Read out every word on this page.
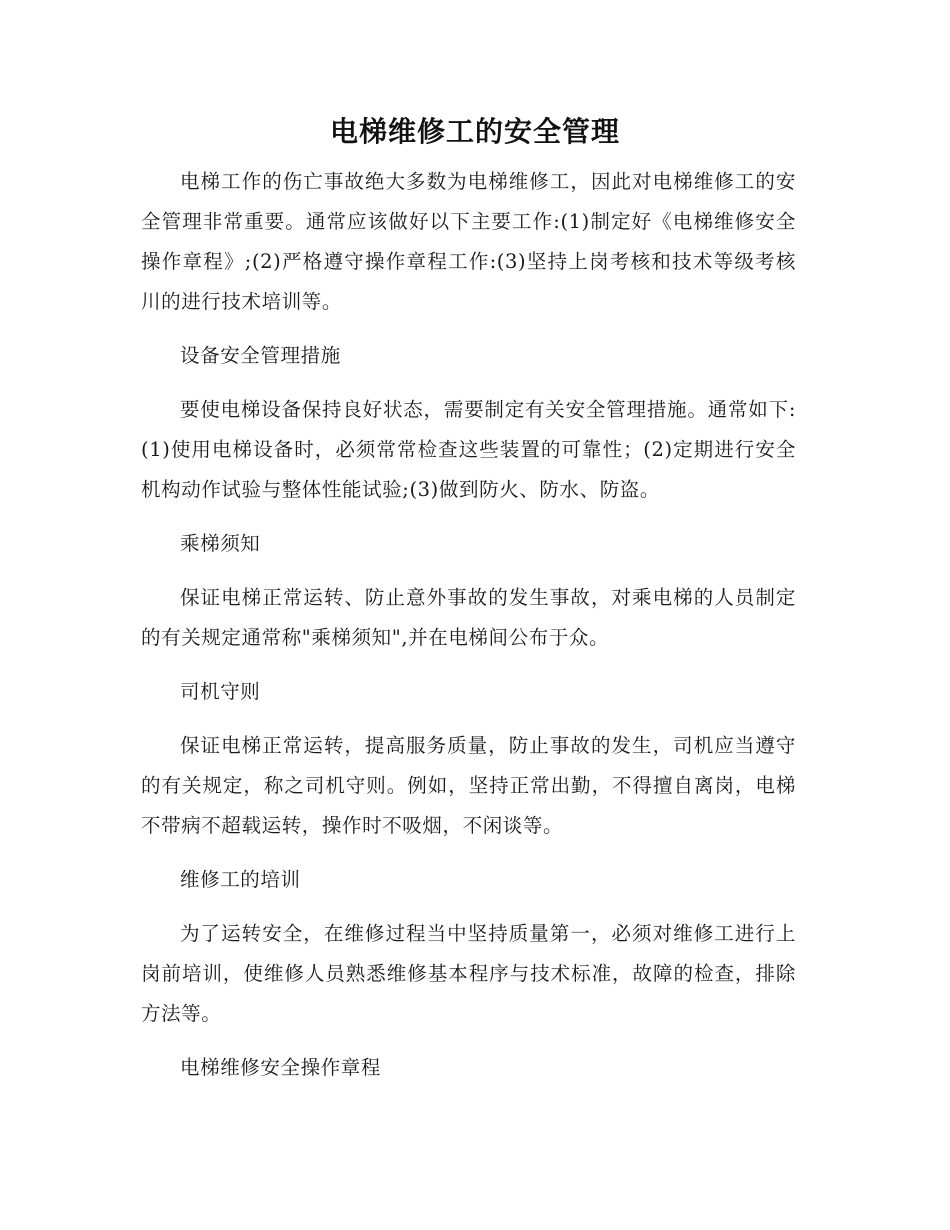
电梯维修工的安全管理

电梯工作的伤亡事故绝大多数为电梯维修工，因此对电梯维修工的安全管理非常重要。通常应该做好以下主要工作:(1)制定好《电梯维修安全操作章程》;(2)严格遵守操作章程工作:(3)坚持上岗考核和技术等级考核川的进行技术培训等。

设备安全管理措施

要使电梯设备保持良好状态，需要制定有关安全管理措施。通常如下:(1)使用电梯设备时，必须常常检查这些装置的可靠性；(2)定期进行安全机构动作试验与整体性能试验;(3)做到防火、防水、防盗。

乘梯须知

保证电梯正常运转、防止意外事故的发生事故，对乘电梯的人员制定的有关规定通常称"乘梯须知",并在电梯间公布于众。

司机守则

保证电梯正常运转，提高服务质量，防止事故的发生，司机应当遵守的有关规定，称之司机守则。例如，坚持正常出勤，不得擅自离岗，电梯不带病不超载运转，操作时不吸烟，不闲谈等。

维修工的培训

为了运转安全，在维修过程当中坚持质量第一，必须对维修工进行上岗前培训，使维修人员熟悉维修基本程序与技术标准，故障的检查，排除方法等。

电梯维修安全操作章程
